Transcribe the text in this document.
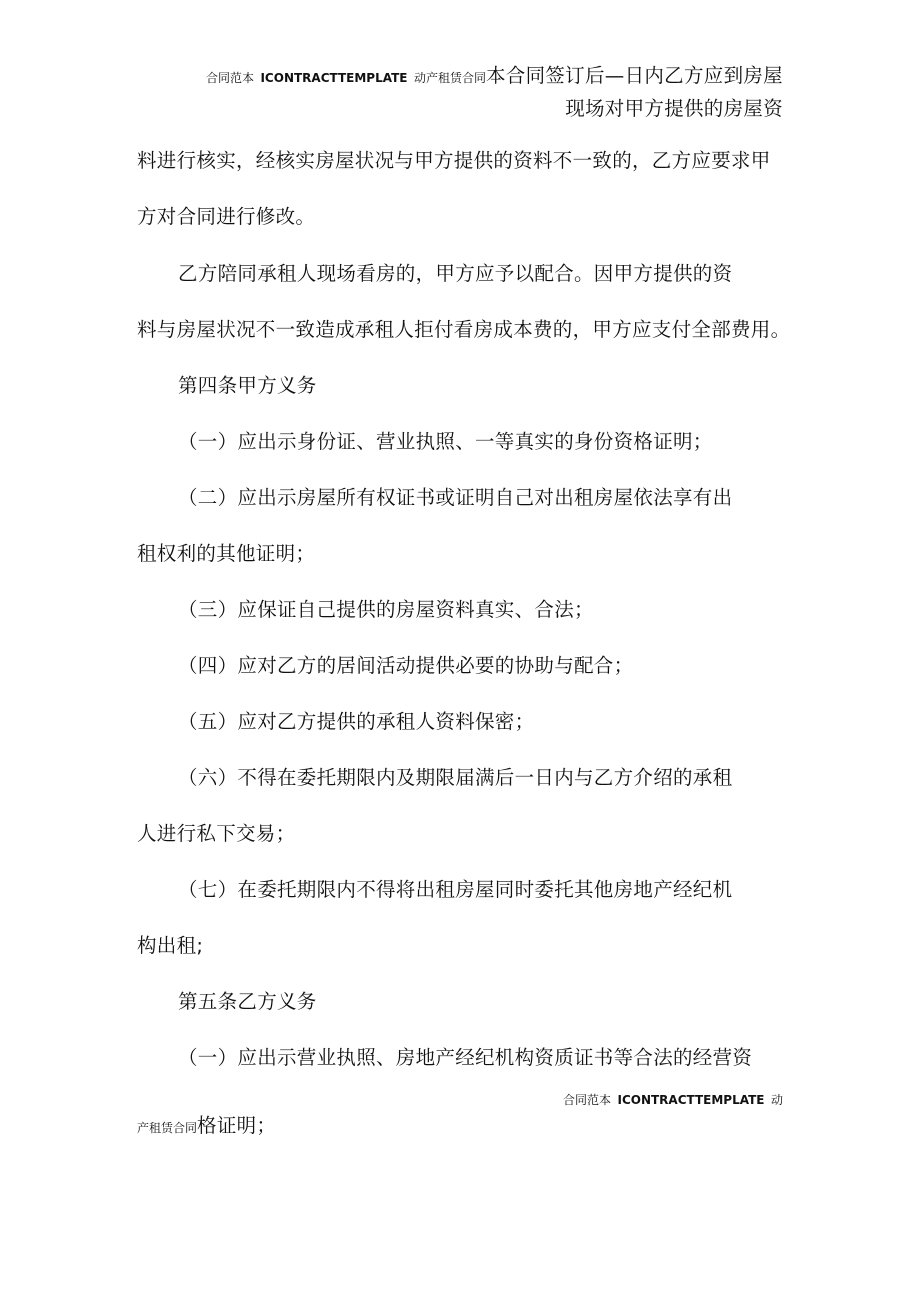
合同范本 ICONTRACTTEMPLATE 动产租赁合同本合同签订后—日内乙方应到房屋
现场对甲方提供的房屋资
料进行核实，经核实房屋状况与甲方提供的资料不一致的，乙方应要求甲
方对合同进行修改。
乙方陪同承租人现场看房的，甲方应予以配合。因甲方提供的资
料与房屋状况不一致造成承租人拒付看房成本费的，甲方应支付全部费用。
第四条甲方义务
（一）应出示身份证、营业执照、一等真实的身份资格证明；
（二）应出示房屋所有权证书或证明自己对出租房屋依法享有出
租权利的其他证明；
（三）应保证自己提供的房屋资料真实、合法；
（四）应对乙方的居间活动提供必要的协助与配合；
（五）应对乙方提供的承租人资料保密；
（六）不得在委托期限内及期限届满后一日内与乙方介绍的承租
人进行私下交易；
（七）在委托期限内不得将出租房屋同时委托其他房地产经纪机
构出租;
第五条乙方义务
（一）应出示营业执照、房地产经纪机构资质证书等合法的经营资
合同范本 ICONTRACTTEMPLATE 动
产租赁合同格证明；
